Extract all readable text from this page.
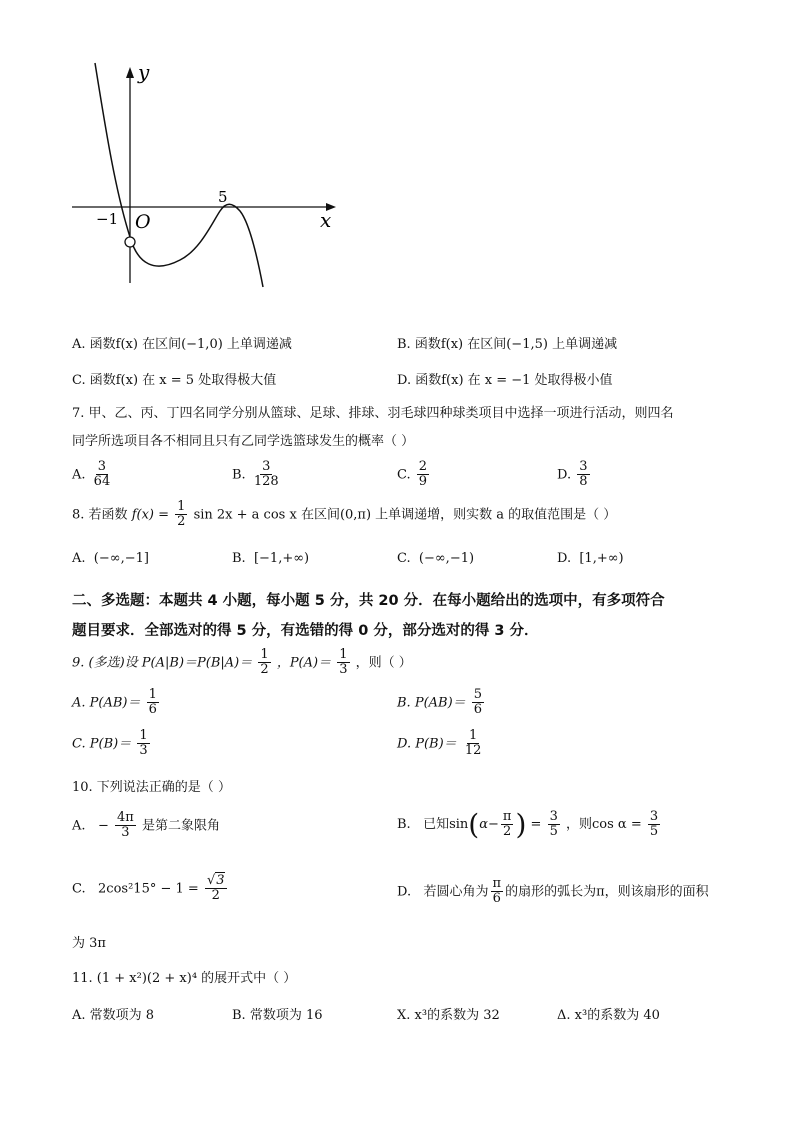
y
x
O
−1
5
A. 函数f(x) 在区间(−1,0) 上单调递减	B. 函数f(x) 在区间(−1,5) 上单调递减
C. 函数f(x) 在 x = 5 处取得极大值	D. 函数f(x) 在 x = −1 处取得极小值
7. 甲、乙、丙、丁四名同学分别从篮球、足球、排球、羽毛球四种球类项目中选择一项进行活动，则四名
同学所选项目各不相同且只有乙同学选篮球发生的概率（ ）
A. $\frac{3}{64}$	B. $\frac{3}{128}$	C. $\frac{2}{9}$	D. $\frac{3}{8}$
8. 若函数 $f(x) = \frac{1}{2}$ sin 2x + a cos x 在区间(0,π) 上单调递增，则实数 a 的取值范围是（ ）
A. (−∞,−1]	B. [−1,+∞)	C. (−∞,−1)	D. [1,+∞)
二、多选题：本题共 4 小题，每小题 5 分，共 20 分．在每小题给出的选项中，有多项符合
题目要求．全部选对的得 5 分，有选错的得 0 分，部分选对的得 3 分．
9. (多选)设 $P(A|B)=P(B|A)= \frac{1}{2}$ ，$P(A)= \frac{1}{3}$ ，则（ ）
A. $P(AB)= \frac{1}{6}$	B. $P(AB)= \frac{5}{6}$
C. $P(B)= \frac{1}{3}$	D. $P(B)= \frac{1}{12}$
10. 下列说法正确的是（ ）
A. − $\frac{4\pi}{3}$ 是第二象限角	B. 已知$\sin(\alpha- \frac{\pi}{2}$ ) = $\frac{3}{5}$ ，则$\cos \alpha = \frac{3}{5}$
C. $2\cos^215^\circ - 1 = \frac{√3}{2}$	D. 若圆心角为 $\frac{\pi}{6}$ 的扇形的弧长为π，则该扇形的面积
为 3π
11. (1 + x²)(2 + x)⁴ 的展开式中（ ）
A. 常数项为 8	B. 常数项为 16	X. x³的系数为 32	Δ. x³的系数为 40
